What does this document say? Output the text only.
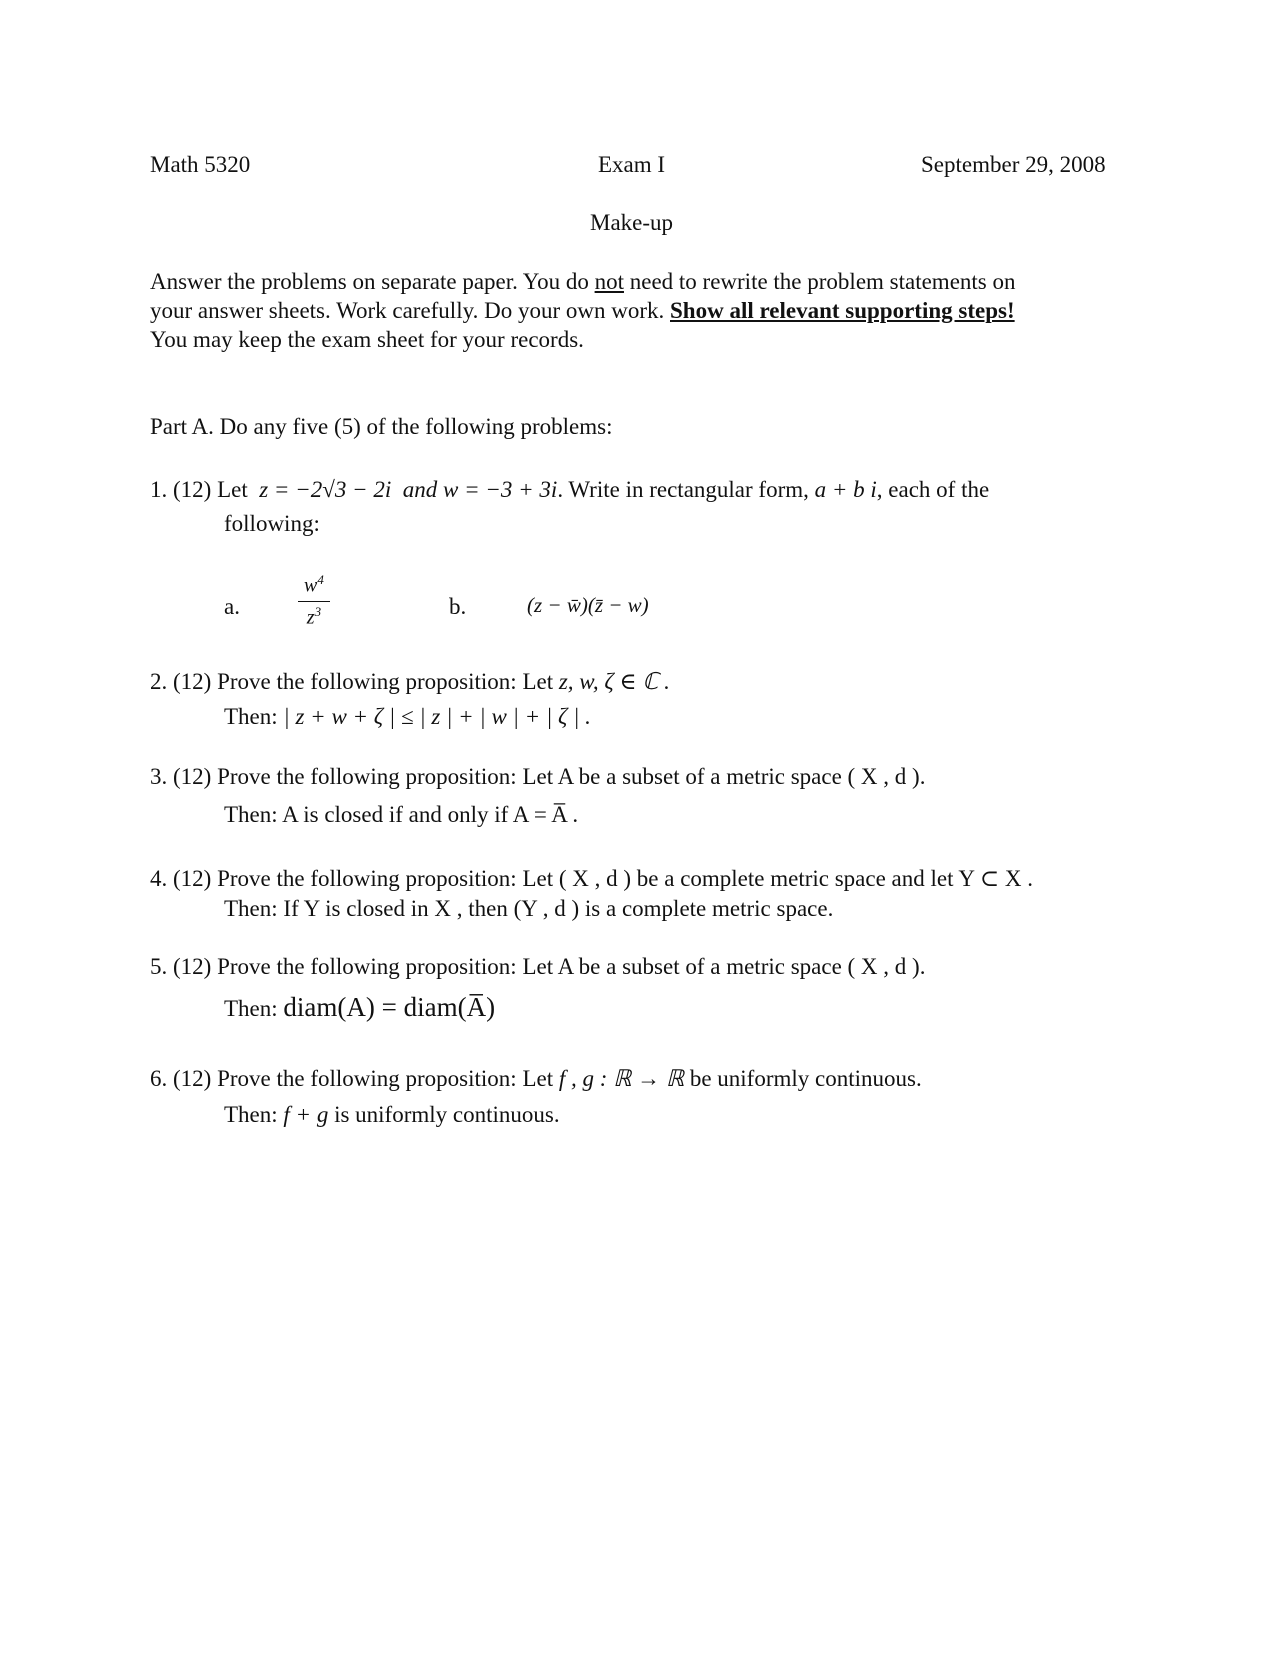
Math 5320	Exam I	September 29, 2008
Make-up
Answer the problems on separate paper. You do not need to rewrite the problem statements on
your answer sheets. Work carefully. Do your own work. Show all relevant supporting steps!
You may keep the exam sheet for your records.
Part A. Do any five (5) of the following problems:
1. (12) Let z = −2√3 − 2i and w = −3 + 3i. Write in rectangular form, a + b i, each of the
following:
a.	$\frac{w^4}{z^3}$	b.	(z − w̄)(z̄ − w)
2. (12) Prove the following proposition: Let z, w, ζ ∈ ℂ .
Then: | z + w + ζ | ≤ | z | + | w | + | ζ | .
3. (12) Prove the following proposition: Let A be a subset of a metric space ( X , d ).
Then: A is closed if and only if A = A̅ .
4. (12) Prove the following proposition: Let ( X , d ) be a complete metric space and let Y ⊂ X .
Then: If Y is closed in X , then (Y , d ) is a complete metric space.
5. (12) Prove the following proposition: Let A be a subset of a metric space ( X , d ).
Then: diam(A) = diam(A̅)
6. (12) Prove the following proposition: Let f , g : ℝ → ℝ be uniformly continuous.
Then: f + g is uniformly continuous.
